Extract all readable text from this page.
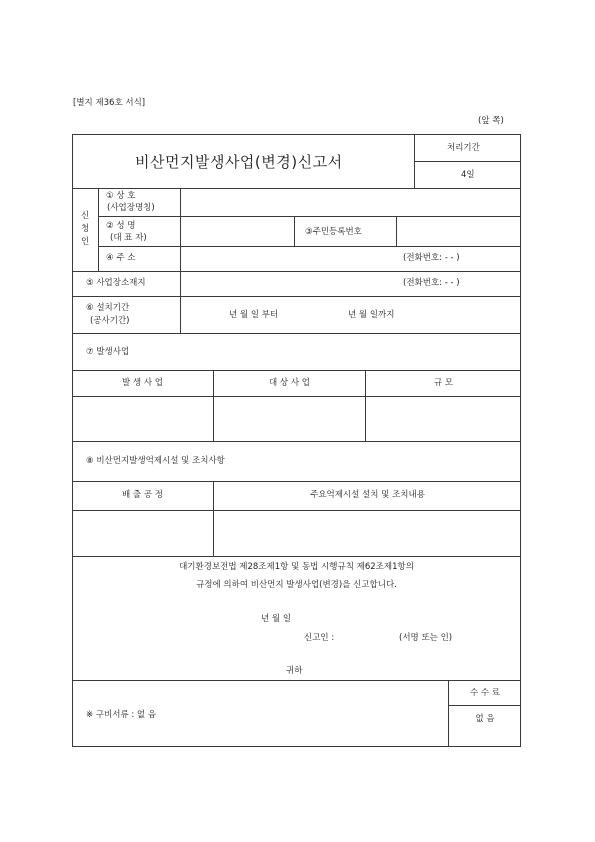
[별지 제36호 서식]
(앞 쪽)
비산먼지발생사업(변경)신고서
처리기간
4일
신
청
인
① 상 호
(사업장명칭)
② 성 명
(대 표 자)
③주민등록번호
④ 주 소	(전화번호: - - )
⑤ 사업장소재지	(전화번호: - - )
⑥ 설치기간
(공사기간)
년 월 일 부터	년 월 일까지
⑦ 발생사업
발 생 사 업	대 상 사 업	규 모
⑧ 비산먼지발생억제시설 및 조치사항
배 출 공 정	주요억제시설 설치 및 조치내용
대기환경보전법 제28조제1항 및 동법 시행규칙 제62조제1항의
규정에 의하여 비산먼지 발생사업(변경)을 신고합니다.
년 월 일
신고인 :	(서명 또는 인)
귀하
※ 구비서류 : 없 음
수 수 료
없 음
